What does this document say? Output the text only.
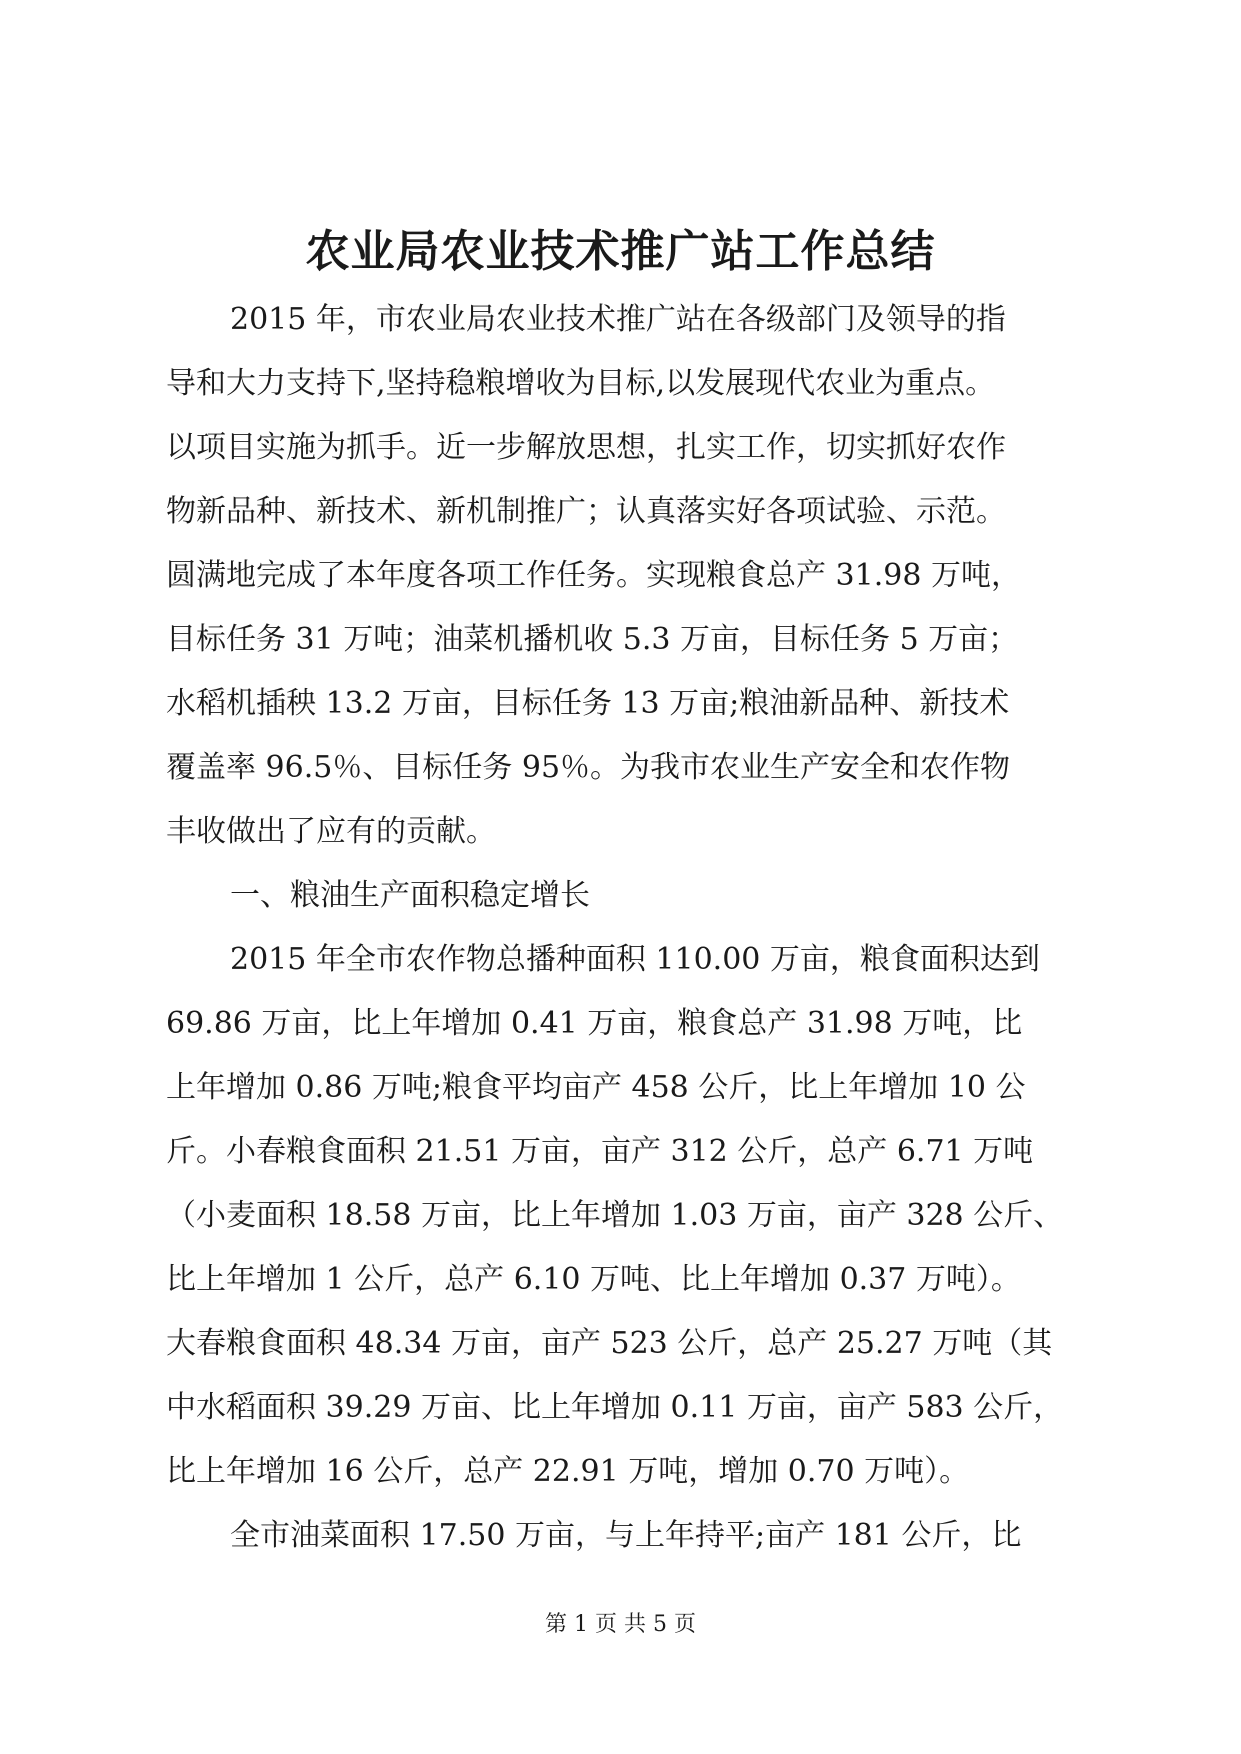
农业局农业技术推广站工作总结
2015 年，市农业局农业技术推广站在各级部门及领导的指
导和大力支持下,坚持稳粮增收为目标,以发展现代农业为重点。
以项目实施为抓手。近一步解放思想，扎实工作，切实抓好农作
物新品种、新技术、新机制推广；认真落实好各项试验、示范。
圆满地完成了本年度各项工作任务。实现粮食总产 31.98 万吨，
目标任务 31 万吨；油菜机播机收 5.3 万亩，目标任务 5 万亩；
水稻机插秧 13.2 万亩，目标任务 13 万亩;粮油新品种、新技术
覆盖率 96.5％、目标任务 95％。为我市农业生产安全和农作物
丰收做出了应有的贡献。
一、粮油生产面积稳定增长
2015 年全市农作物总播种面积 110.00 万亩，粮食面积达到
69.86 万亩，比上年增加 0.41 万亩，粮食总产 31.98 万吨，比
上年增加 0.86 万吨;粮食平均亩产 458 公斤，比上年增加 10 公
斤。小春粮食面积 21.51 万亩，亩产 312 公斤，总产 6.71 万吨
（小麦面积 18.58 万亩，比上年增加 1.03 万亩，亩产 328 公斤、
比上年增加 1 公斤，总产 6.10 万吨、比上年增加 0.37 万吨）。
大春粮食面积 48.34 万亩，亩产 523 公斤，总产 25.27 万吨（其
中水稻面积 39.29 万亩、比上年增加 0.11 万亩，亩产 583 公斤，
比上年增加 16 公斤，总产 22.91 万吨，增加 0.70 万吨）。
全市油菜面积 17.50 万亩，与上年持平;亩产 181 公斤，比
第 1 页 共 5 页
